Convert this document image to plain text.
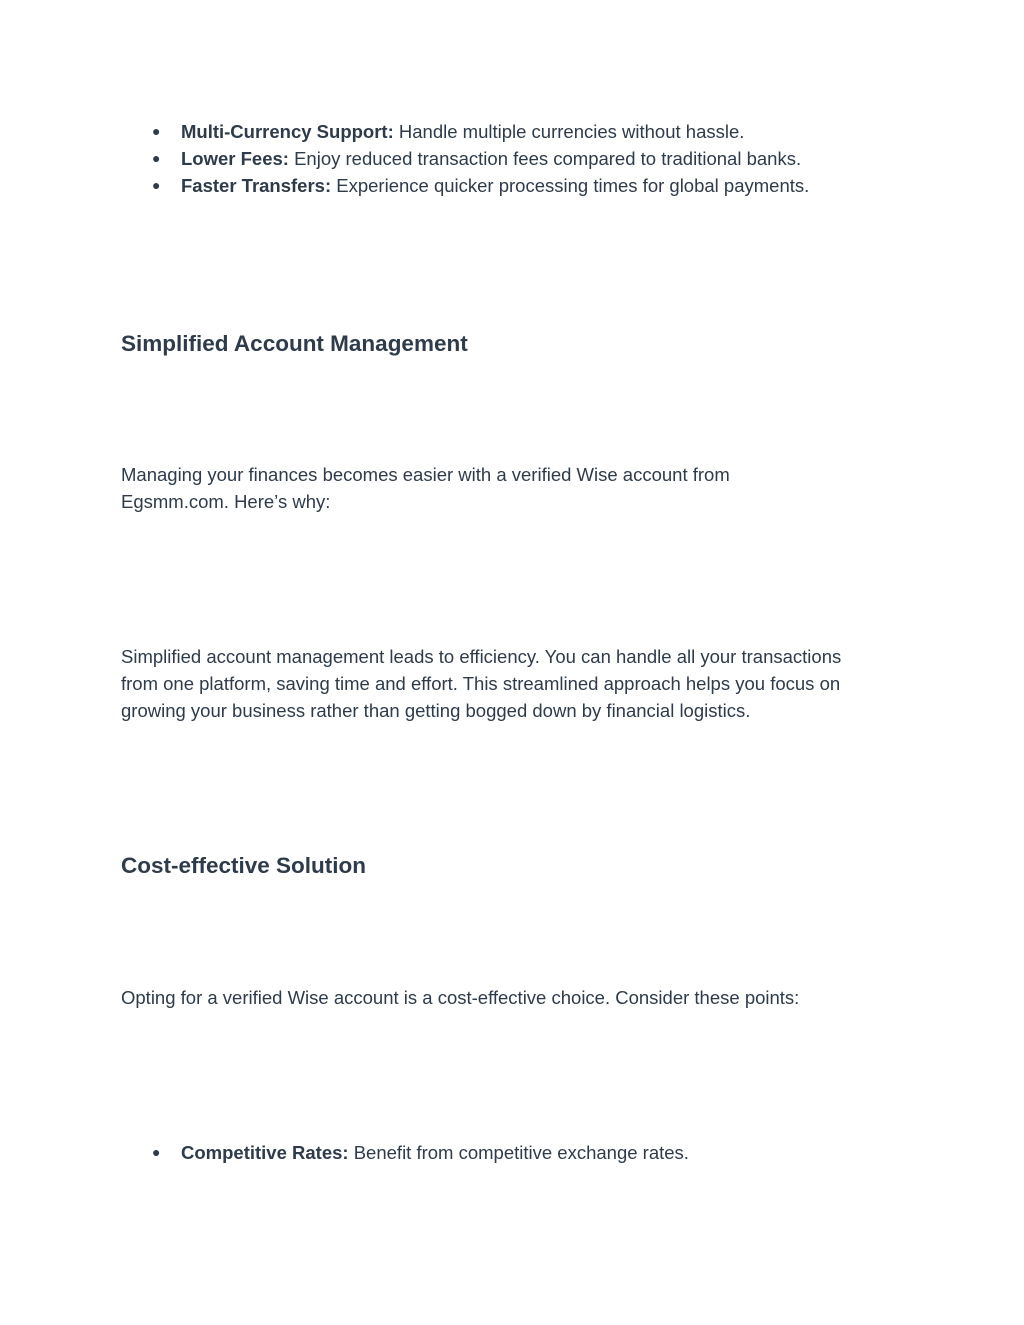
● Multi-Currency Support: Handle multiple currencies without hassle.
● Lower Fees: Enjoy reduced transaction fees compared to traditional banks.
● Faster Transfers: Experience quicker processing times for global payments.
Simplified Account Management

Managing your finances becomes easier with a verified Wise account from
Egsmm.com. Here’s why:

Simplified account management leads to efficiency. You can handle all your transactions
from one platform, saving time and effort. This streamlined approach helps you focus on
growing your business rather than getting bogged down by financial logistics.

Cost-effective Solution

Opting for a verified Wise account is a cost-effective choice. Consider these points:

● Competitive Rates: Benefit from competitive exchange rates.
